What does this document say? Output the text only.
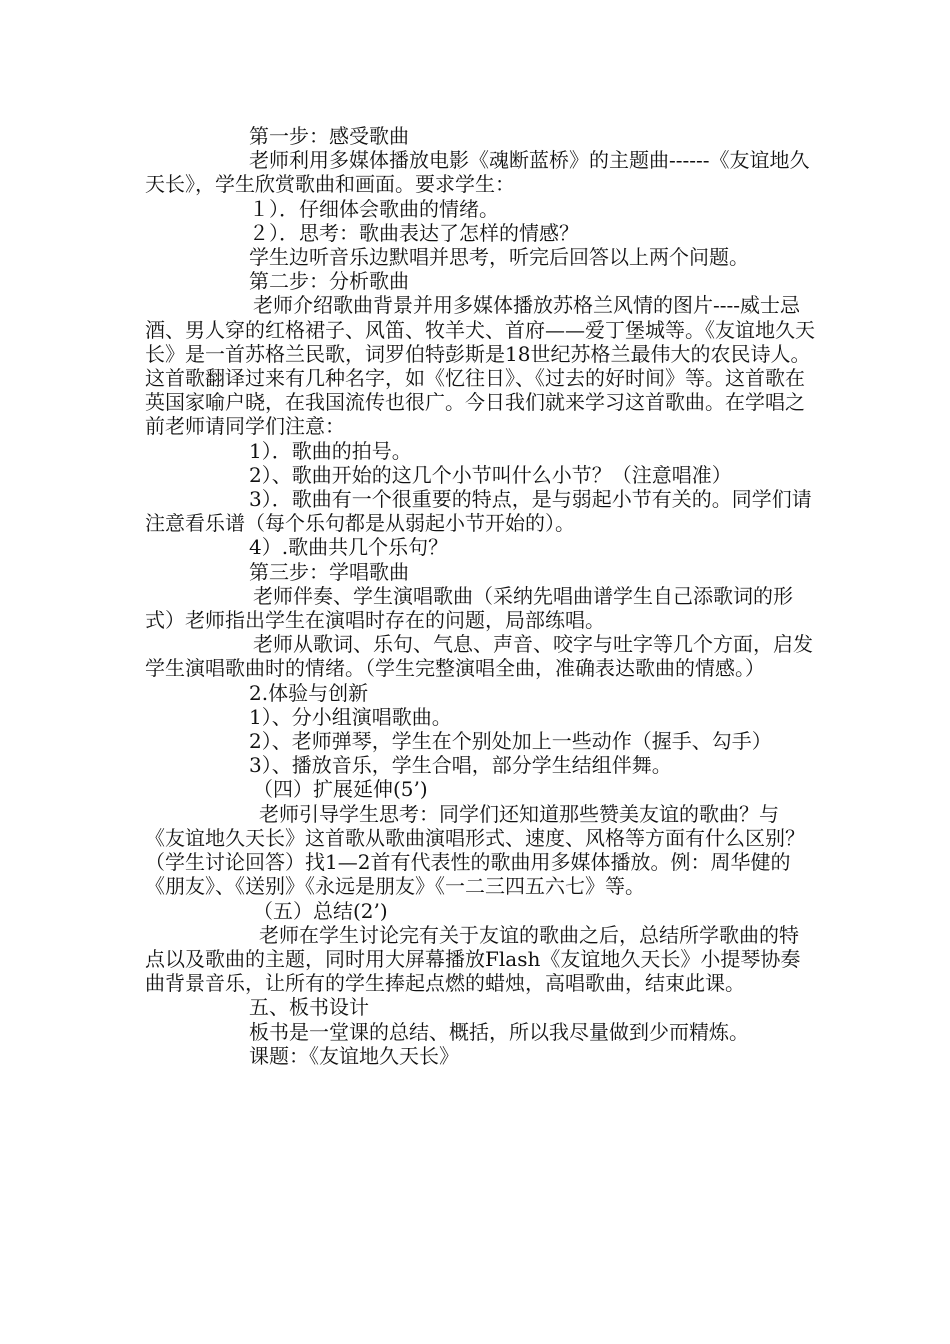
第一步：感受歌曲

老师利用多媒体播放电影《魂断蓝桥》的主题曲------《友谊地久天长》，学生欣赏歌曲和画面。要求学生：

１）．仔细体会歌曲的情绪。

２）．思考：歌曲表达了怎样的情感？

学生边听音乐边默唱并思考，听完后回答以上两个问题。

第二步：分析歌曲

老师介绍歌曲背景并用多媒体播放苏格兰风情的图片----威士忌酒、男人穿的红格裙子、风笛、牧羊犬、首府——爱丁堡城等。《友谊地久天长》是一首苏格兰民歌，词罗伯特彭斯是18世纪苏格兰最伟大的农民诗人。这首歌翻译过来有几种名字，如《忆往日》、《过去的好时间》等。这首歌在英国家喻户晓，在我国流传也很广。今日我们就来学习这首歌曲。在学唱之前老师请同学们注意：

1）．歌曲的拍号。

2）、歌曲开始的这几个小节叫什么小节？（注意唱准）

3）．歌曲有一个很重要的特点，是与弱起小节有关的。同学们请注意看乐谱（每个乐句都是从弱起小节开始的）。

4）.歌曲共几个乐句？

第三步：学唱歌曲

老师伴奏、学生演唱歌曲（采纳先唱曲谱学生自己添歌词的形式）老师指出学生在演唱时存在的问题，局部练唱。

老师从歌词、乐句、气息、声音、咬字与吐字等几个方面，启发学生演唱歌曲时的情绪。（学生完整演唱全曲，准确表达歌曲的情感。）

2.体验与创新

1）、分小组演唱歌曲。

2）、老师弹琴，学生在个别处加上一些动作（握手、勾手）

3）、播放音乐，学生合唱，部分学生结组伴舞。

（四）扩展延伸(5’)

老师引导学生思考：同学们还知道那些赞美友谊的歌曲？与《友谊地久天长》这首歌从歌曲演唱形式、速度、风格等方面有什么区别？（学生讨论回答）找1—2首有代表性的歌曲用多媒体播放。例：周华健的《朋友》、《送别》《永远是朋友》《一二三四五六七》等。

（五）总结(2’)

老师在学生讨论完有关于友谊的歌曲之后，总结所学歌曲的特点以及歌曲的主题，同时用大屏幕播放Flash《友谊地久天长》小提琴协奏曲背景音乐，让所有的学生捧起点燃的蜡烛，高唱歌曲，结束此课。

五、板书设计

板书是一堂课的总结、概括，所以我尽量做到少而精炼。

课题：《友谊地久天长》
